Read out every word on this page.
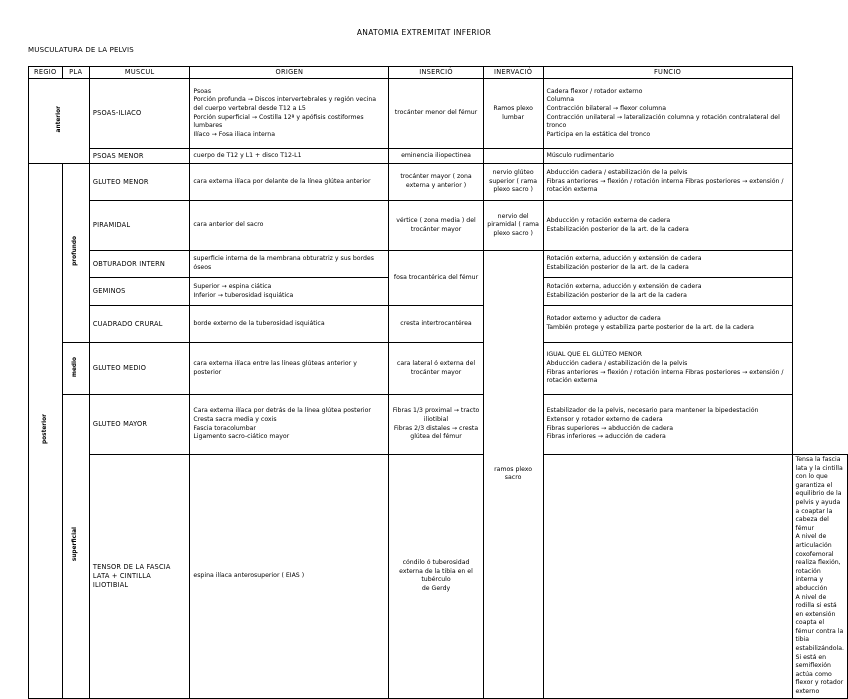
ANATOMIA EXTREMITAT INFERIOR
MUSCULATURA DE LA PELVIS
REGIO	PLA	MUSCUL	ORIGEN	INSERCIÓ	INERVACIÓ	FUNCIO	
anterior		PSOAS-ILIACO	Psoas
Porción profunda → Discos intervertebrales y región vecina del cuerpo vertebral desde T12 a L5
Porción superficial → Costilla 12ª y apófisis costiformes lumbares
Ilíaco → Fosa iliaca interna	trocánter menor del fémur	Ramos plexo lumbar	Cadera flexor / rotador externo
Columna
Contracción bilateral → flexor columna
Contracción unilateral → lateralización columna y rotación contralateral del tronco
Participa en la estática del tronco	

		PSOAS MENOR	cuerpo de T12 y L1 + disco T12-L1	eminencia iliopectinea		Músculo rudimentario	

posterior	profundo	GLUTEO MENOR	cara externa ilíaca por delante de la línea glútea anterior	trocánter mayor ( zona externa y anterior )	nervio glúteo superior ( rama plexo sacro )	Abducción cadera / estabilización de la pelvis
Fibras anteriores → flexión / rotación interna Fibras posteriores → extensión / rotación externa	

		PIRAMIDAL	cara anterior del sacro	vértice ( zona media ) del trocánter mayor	nervio del piramidal ( rama plexo sacro )	Abducción y rotación externa de cadera
Estabilización posterior de la art. de la cadera	

		OBTURADOR INTERN	superficie interna de la membrana obturatriz y sus bordes óseos	fosa trocantérica del fémur	ramos plexo sacro	Rotación externa, aducción y extensión de cadera
Estabilización posterior de la art. de la cadera	

		GEMINOS	Superior → espina ciática
Inferior → tuberosidad isquiática			Rotación externa, aducción y extensión de cadera
Estabilización posterior de la art de la cadera	

		CUADRADO CRURAL	borde externo de la tuberosidad isquiática	cresta intertrocantérea		Rotador externo y aductor de cadera
También protege y estabiliza parte posterior de la art. de la cadera	

	medio	GLUTEO MEDIO	cara externa ilíaca entre las líneas glúteas anterior y posterior	cara lateral ó externa del trocánter mayor		IGUAL QUE EL GLÚTEO MENOR
Abducción cadera / estabilización de la pelvis
Fibras anteriores → flexión / rotación interna Fibras posteriores → extensión / rotación externa	

	superficial	GLUTEO MAYOR	Cara externa ilíaca por detrás de la línea glútea posterior
Cresta sacra media y coxis
Fascia toracolumbar
Ligamento sacro-ciático mayor	Fibras 1/3 proximal → tracto iliotibial
Fibras 2/3 distales → cresta glútea del fémur		Estabilizador de la pelvis, necesario para mantener la bipedestación
Extensor y rotador externo de cadera
Fibras superiores → abducción de cadera
Fibras inferiores → aducción de cadera	

		TENSOR DE LA FASCIA LATA + CINTILLA ILIOTIBIAL	espina ilíaca anterosuperior ( EIAS )	cóndilo ó tuberosidad externa de la tibia en el tubérculo
de Gerdy			Tensa la fascia lata y la cintilla con lo que garantiza el equilibrio de la pelvis y ayuda a coaptar la cabeza del fémur
A nivel de articulación coxofemoral realiza flexión, rotación interna y abducción
A nivel de rodilla si está en extensión coapta el fémur contra la tibia estabilizándola. Si está en semiflexión actúa como flexor y rotador externo
